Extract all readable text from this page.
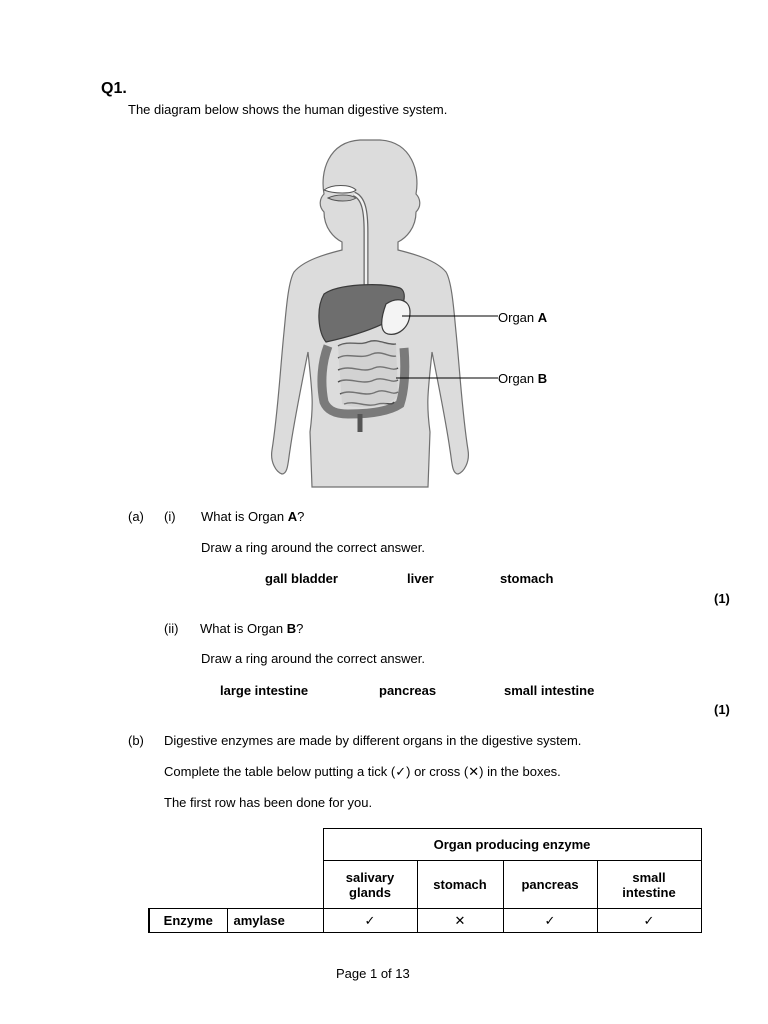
Q1.
The diagram below shows the human digestive system.
Organ A
Organ B
(a) (i) What is Organ A?
Draw a ring around the correct answer.
gall bladder	liver	stomach
(1)
(ii) What is Organ B?
Draw a ring around the correct answer.
large intestine	pancreas	small intestine
(1)
(b) Digestive enzymes are made by different organs in the digestive system.
Complete the table below putting a tick (✓) or cross (✕) in the boxes.
The first row has been done for you.
		Organ producing enzyme			
		salivary glands	stomach	pancreas	small intestine
Enzyme	amylase	✓	✕	✓	✓
Page 1 of 13
